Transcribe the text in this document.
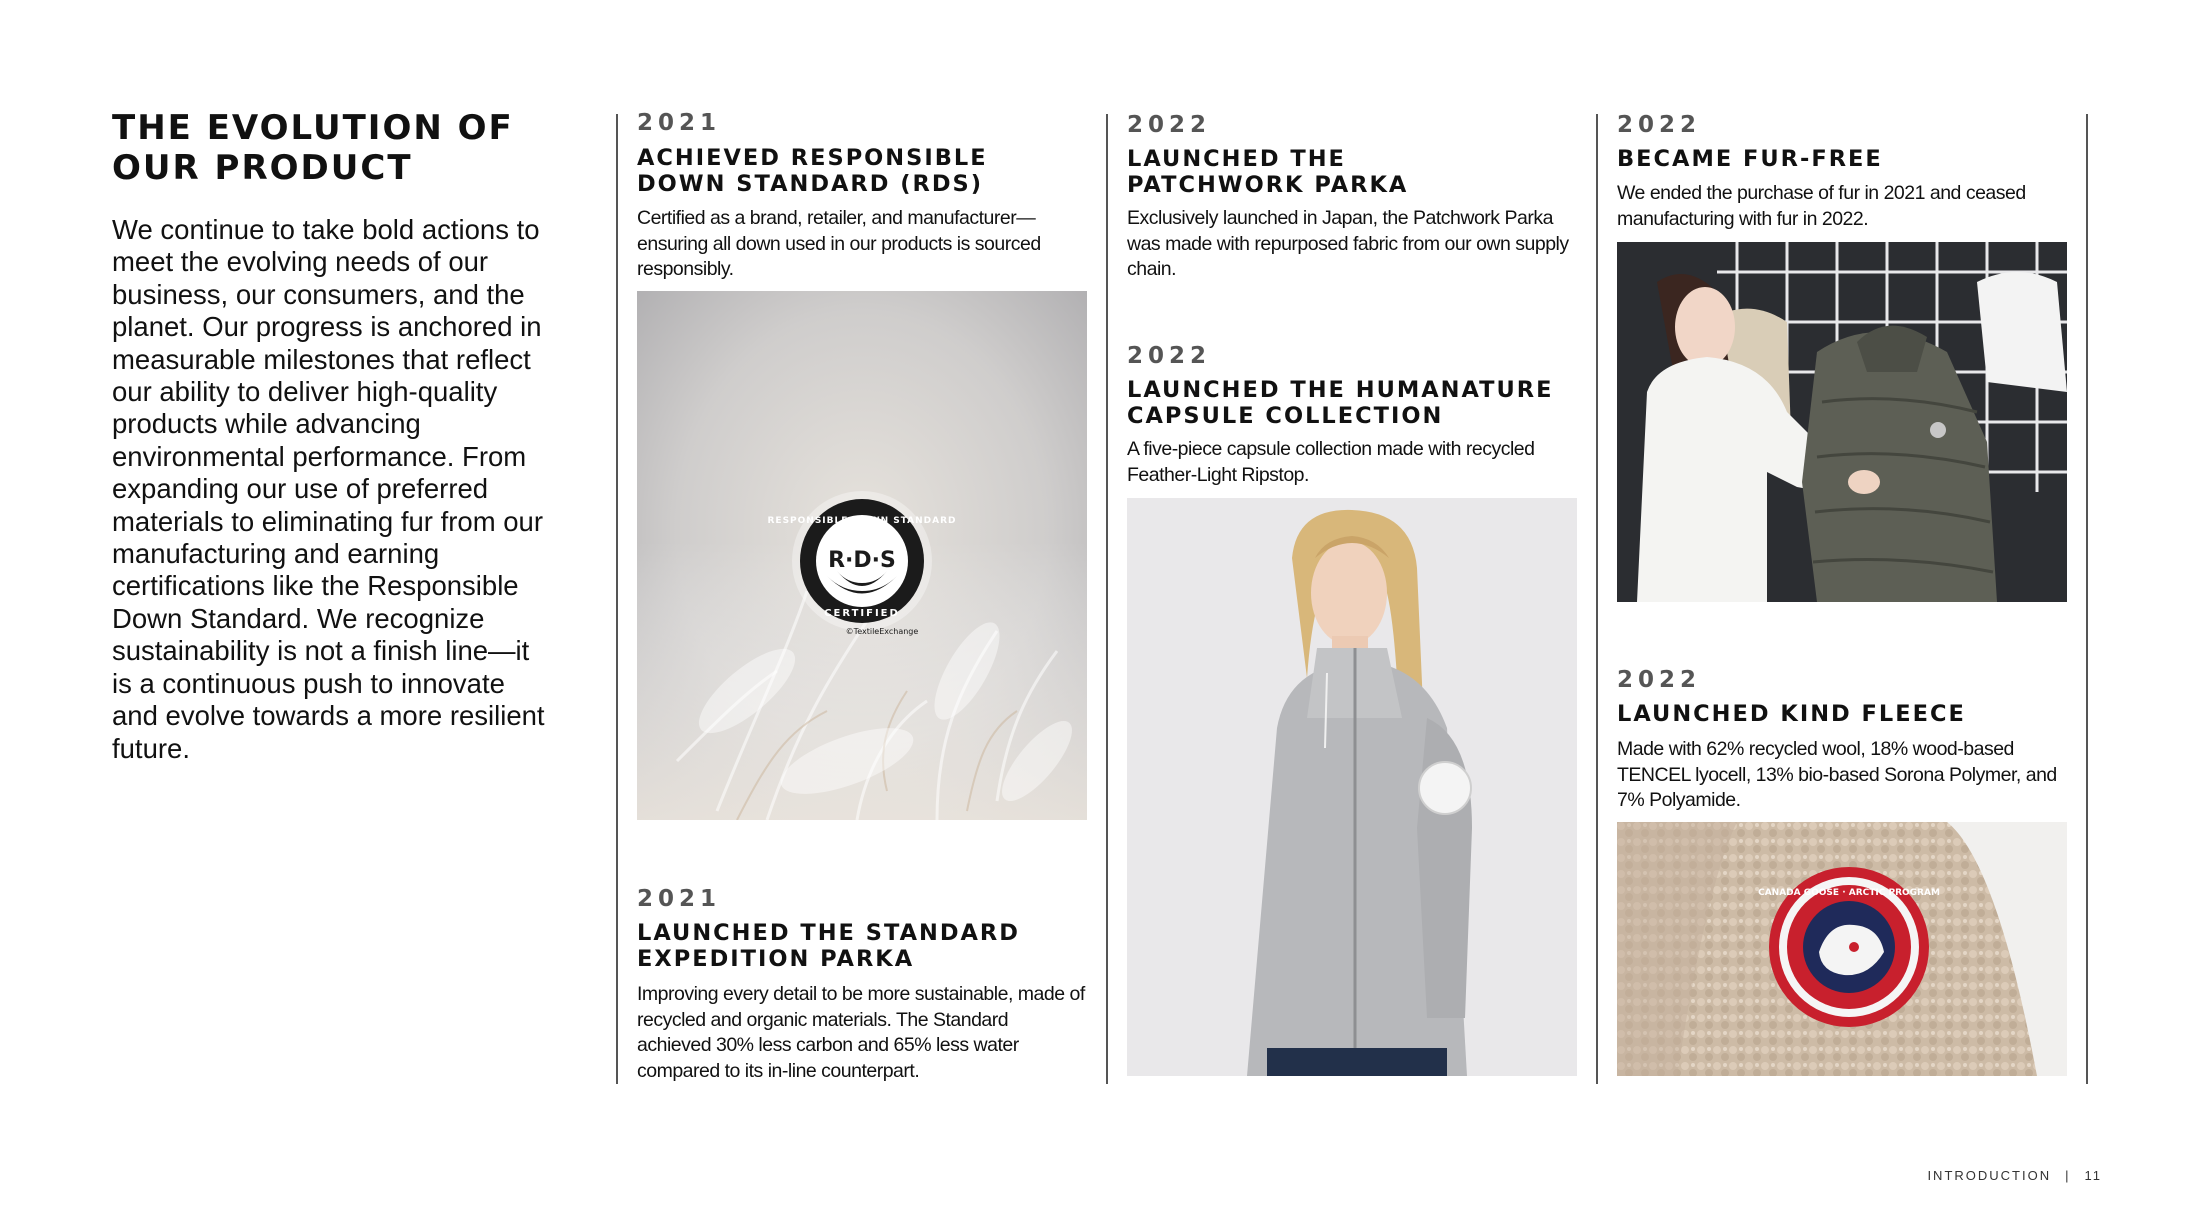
THE EVOLUTION OF
OUR PRODUCT

We continue to take bold actions to meet the evolving needs of our business, our consumers, and the planet. Our progress is anchored in measurable milestones that reflect our ability to deliver high-quality products while advancing environmental performance. From expanding our use of preferred materials to eliminating fur from our manufacturing and earning certifications like the Responsible Down Standard. We recognize sustainability is not a finish line—it is a continuous push to innovate and evolve towards a more resilient future.

2021
ACHIEVED RESPONSIBLE
DOWN STANDARD (RDS)

Certified as a brand, retailer, and manufacturer—ensuring all down used in our products is sourced responsibly.

R·D·S
RESPONSIBLE DOWN STANDARD
CERTIFIED
©TextileExchange
2021
LAUNCHED THE STANDARD
EXPEDITION PARKA

Improving every detail to be more sustainable, made of recycled and organic materials. The Standard achieved 30% less carbon and 65% less water compared to its in-line counterpart.

2022
LAUNCHED THE
PATCHWORK PARKA

Exclusively launched in Japan, the Patchwork Parka was made with repurposed fabric from our own supply chain.

2022
LAUNCHED THE HUMANATURE
CAPSULE COLLECTION

A five-piece capsule collection made with recycled Feather-Light Ripstop.

2022
BECAME FUR-FREE

We ended the purchase of fur in 2021 and ceased manufacturing with fur in 2022.

2022
LAUNCHED KIND FLEECE

Made with 62% recycled wool, 18% wood-based TENCEL lyocell, 13% bio-based Sorona Polymer, and 7% Polyamide.

CANADA GOOSE · ARCTIC PROGRAM
INTRODUCTION | 11
